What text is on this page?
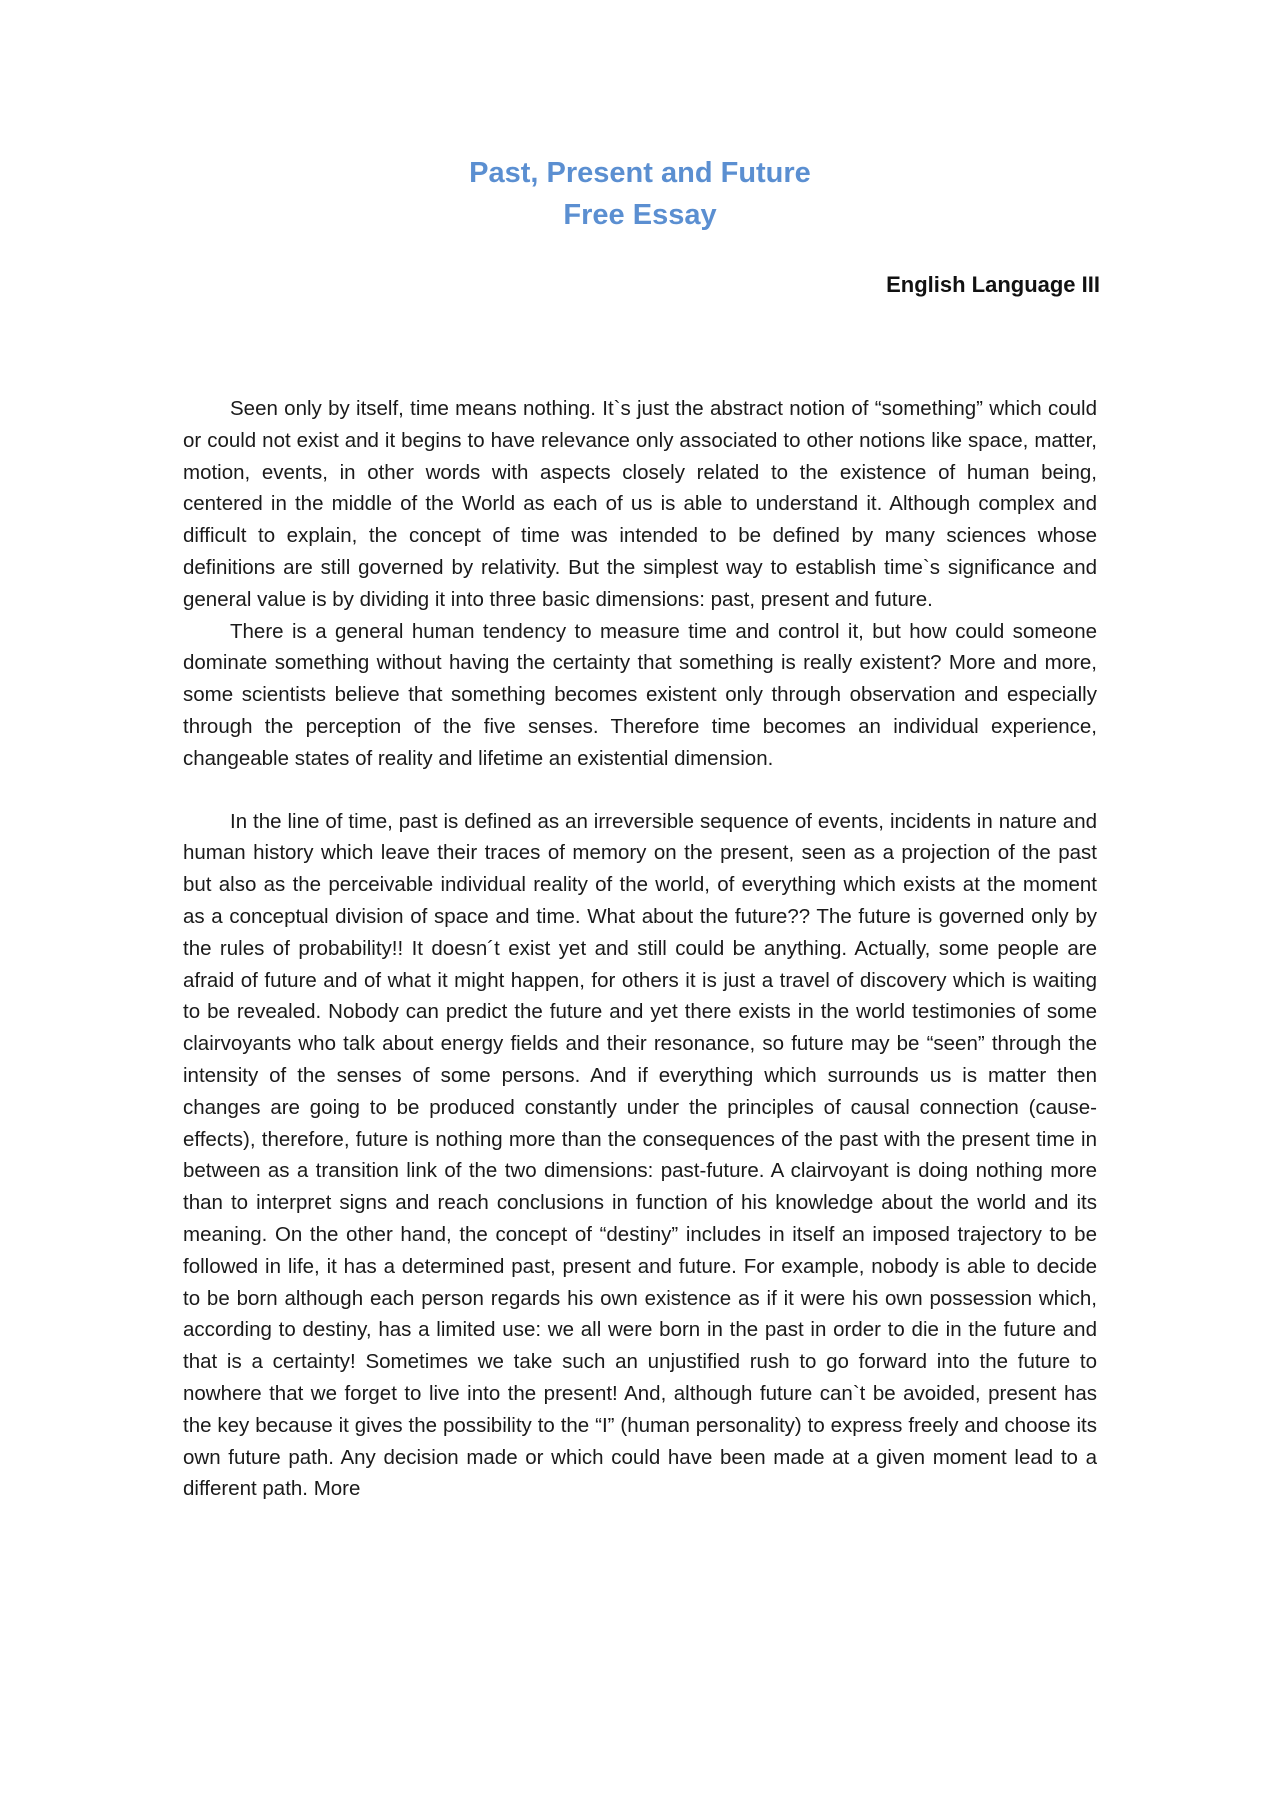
Past, Present and Future
Free Essay
English Language III

Seen only by itself, time means nothing. It`s just the abstract notion of “something” which could or could not exist and it begins to have relevance only associated to other notions like space, matter, motion, events, in other words with aspects closely related to the existence of human being, centered in the middle of the World as each of us is able to understand it. Although complex and difficult to explain, the concept of time was intended to be defined by many sciences whose definitions are still governed by relativity. But the simplest way to establish time`s significance and general value is by dividing it into three basic dimensions: past, present and future.

There is a general human tendency to measure time and control it, but how could someone dominate something without having the certainty that something is really existent? More and more, some scientists believe that something becomes existent only through observation and especially through the perception of the five senses. Therefore time becomes an individual experience, changeable states of reality and lifetime an existential dimension.

In the line of time, past is defined as an irreversible sequence of events, incidents in nature and human history which leave their traces of memory on the present, seen as a projection of the past but also as the perceivable individual reality of the world, of everything which exists at the moment as a conceptual division of space and time. What about the future?? The future is governed only by the rules of probability!! It doesn´t exist yet and still could be anything. Actually, some people are afraid of future and of what it might happen, for others it is just a travel of discovery which is waiting to be revealed. Nobody can predict the future and yet there exists in the world testimonies of some clairvoyants who talk about energy fields and their resonance, so future may be “seen” through the intensity of the senses of some persons. And if everything which surrounds us is matter then changes are going to be produced constantly under the principles of causal connection (cause-effects), therefore, future is nothing more than the consequences of the past with the present time in between as a transition link of the two dimensions: past-future. A clairvoyant is doing nothing more than to interpret signs and reach conclusions in function of his knowledge about the world and its meaning. On the other hand, the concept of “destiny” includes in itself an imposed trajectory to be followed in life, it has a determined past, present and future. For example, nobody is able to decide to be born although each person regards his own existence as if it were his own possession which, according to destiny, has a limited use: we all were born in the past in order to die in the future and that is a certainty! Sometimes we take such an unjustified rush to go forward into the future to nowhere that we forget to live into the present! And, although future can`t be avoided, present has the key because it gives the possibility to the “I” (human personality) to express freely and choose its own future path. Any decision made or which could have been made at a given moment lead to a different path. More
